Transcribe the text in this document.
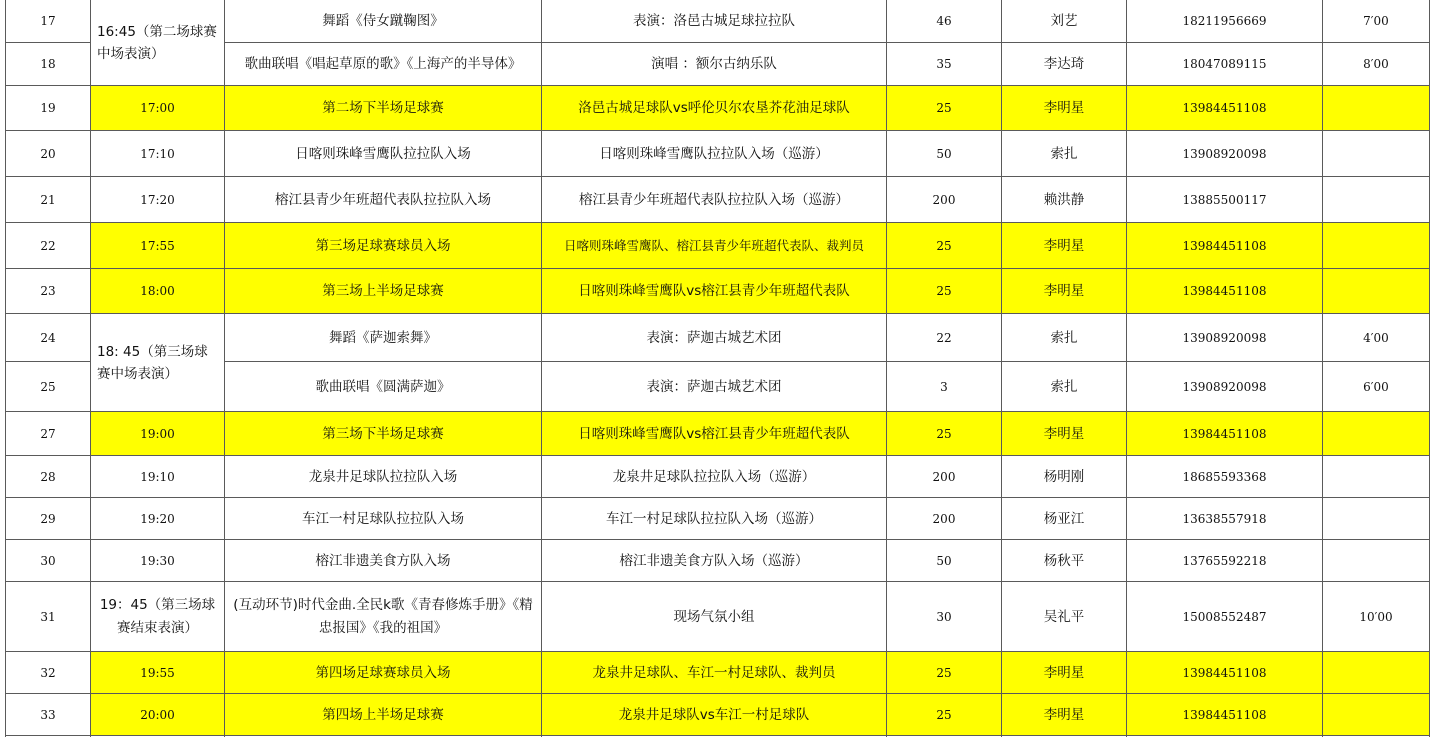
17	16:45（第二场球赛中场表演）	舞蹈《侍女蹴鞠图》	表演：洛邑古城足球拉拉队	46	刘艺	18211956669	7′00
18		歌曲联唱《唱起草原的歌》《上海产的半导体》	演唱 ：额尔古纳乐队	35	李达琦	18047089115	8′00
19	17:00	第二场下半场足球赛	洛邑古城足球队vs呼伦贝尔农垦芥花油足球队	25	李明星	13984451108	
20	17:10	日喀则珠峰雪鹰队拉拉队入场	日喀则珠峰雪鹰队拉拉队入场（巡游）	50	索扎	13908920098	
21	17:20	榕江县青少年班超代表队拉拉队入场	榕江县青少年班超代表队拉拉队入场（巡游）	200	赖洪静	13885500117	
22	17:55	第三场足球赛球员入场	日喀则珠峰雪鹰队、榕江县青少年班超代表队、裁判员	25	李明星	13984451108	
23	18:00	第三场上半场足球赛	日喀则珠峰雪鹰队vs榕江县青少年班超代表队	25	李明星	13984451108	
24	18: 45（第三场球赛中场表演）	舞蹈《萨迦索舞》	表演：萨迦古城艺术团	22	索扎	13908920098	4′00
25		歌曲联唱《圆满萨迦》	表演：萨迦古城艺术团	3	索扎	13908920098	6′00
27	19:00	第三场下半场足球赛	日喀则珠峰雪鹰队vs榕江县青少年班超代表队	25	李明星	13984451108	
28	19:10	龙泉井足球队拉拉队入场	龙泉井足球队拉拉队入场（巡游）	200	杨明刚	18685593368	
29	19:20	车江一村足球队拉拉队入场	车江一村足球队拉拉队入场（巡游）	200	杨亚江	13638557918	
30	19:30	榕江非遗美食方队入场	榕江非遗美食方队入场（巡游）	50	杨秋平	13765592218	
31	19：45（第三场球赛结束表演）	(互动环节)时代金曲.全民k歌《青春修炼手册》《精忠报国》《我的祖国》	现场气氛小组	30	吴礼平	15008552487	10′00
32	19:55	第四场足球赛球员入场	龙泉井足球队、车江一村足球队、裁判员	25	李明星	13984451108	
33	20:00	第四场上半场足球赛	龙泉井足球队vs车江一村足球队	25	李明星	13984451108	
